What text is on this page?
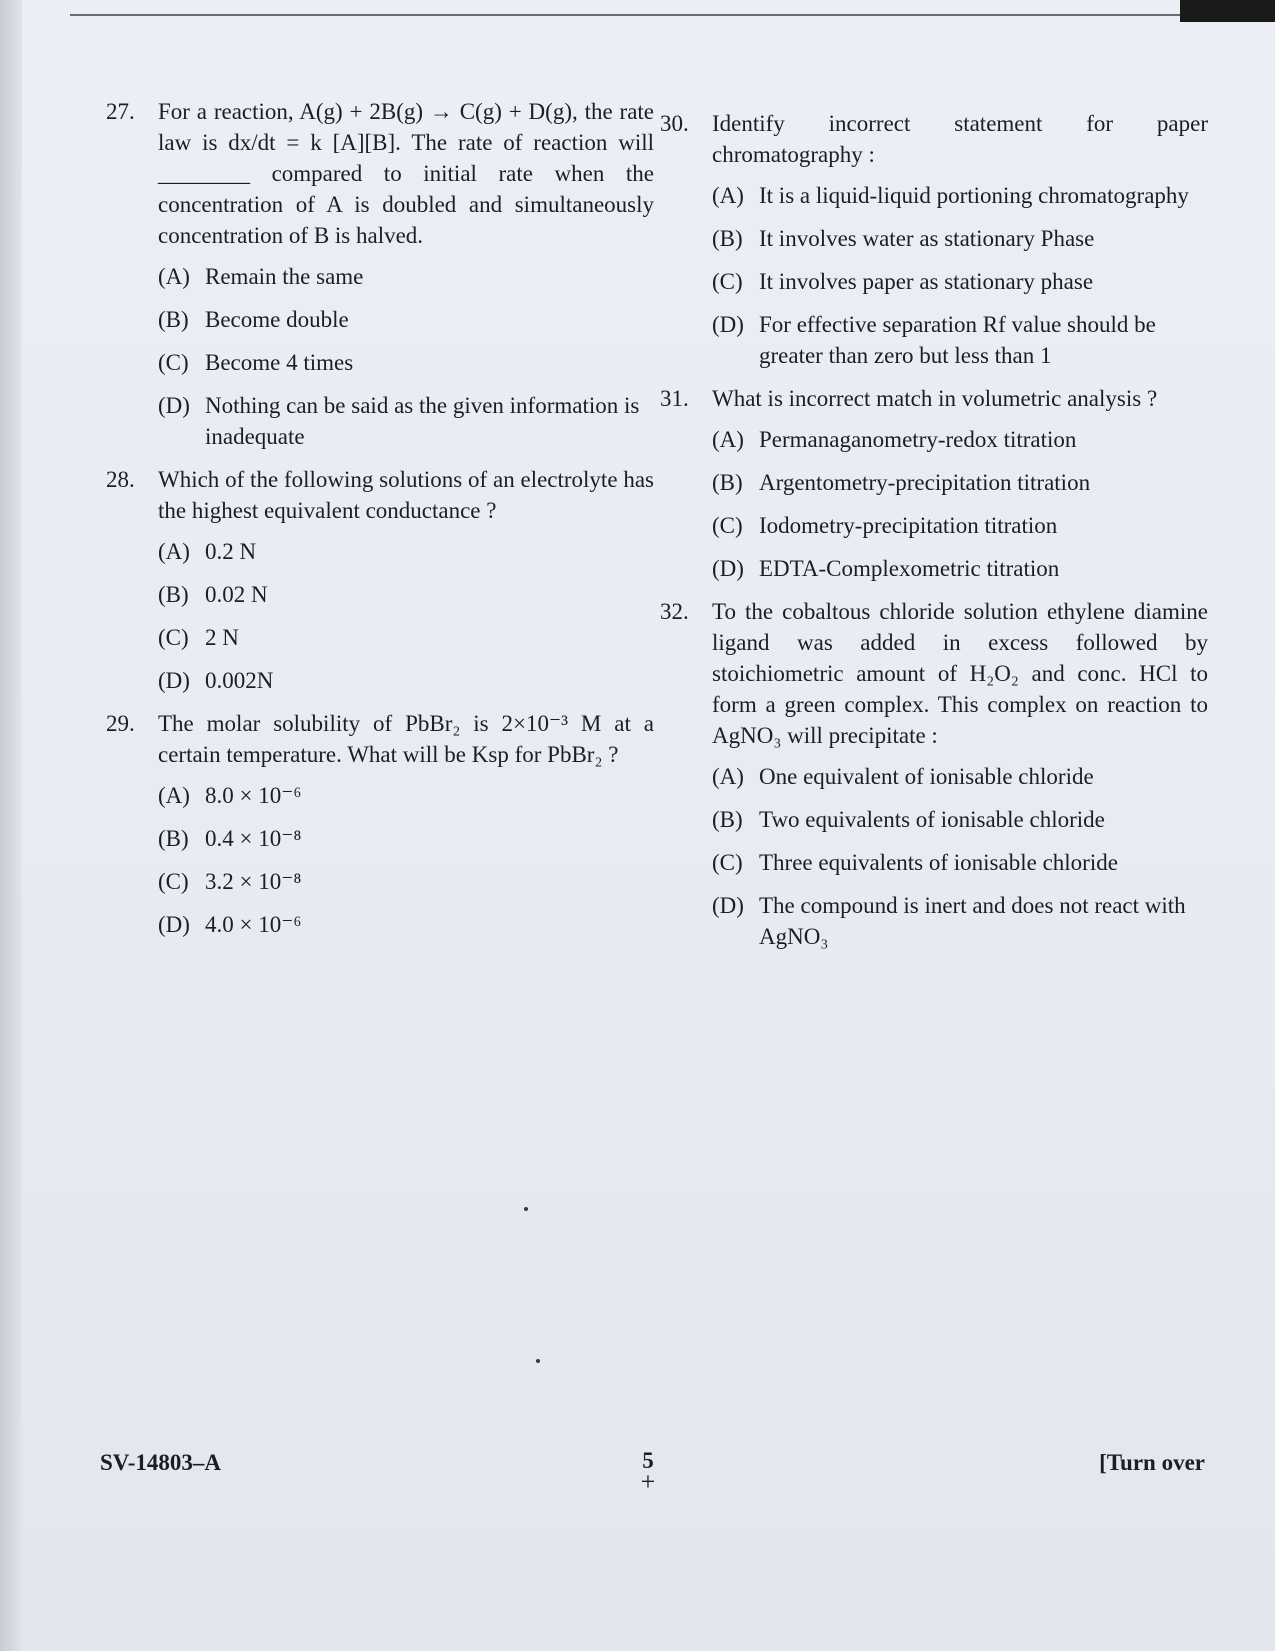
27. For a reaction, A(g) + 2B(g) → C(g) + D(g), the rate law is dx/dt = k [A][B]. The rate of reaction will ________ compared to initial rate when the concentration of A is doubled and simultaneously concentration of B is halved.
(A) Remain the same
(B) Become double
(C) Become 4 times
(D) Nothing can be said as the given information is inadequate
28. Which of the following solutions of an electrolyte has the highest equivalent conductance ?
(A) 0.2 N
(B) 0.02 N
(C) 2 N
(D) 0.002N
29. The molar solubility of PbBr₂ is 2×10⁻³ M at a certain temperature. What will be Ksp for PbBr₂ ?
(A) 8.0 × 10⁻⁶
(B) 0.4 × 10⁻⁸
(C) 3.2 × 10⁻⁸
(D) 4.0 × 10⁻⁶
30. Identify incorrect statement for paper chromatography :
(A) It is a liquid-liquid portioning chromatography
(B) It involves water as stationary Phase
(C) It involves paper as stationary phase
(D) For effective separation Rf value should be greater than zero but less than 1
31. What is incorrect match in volumetric analysis ?
(A) Permanaganometry-redox titration
(B) Argentometry-precipitation titration
(C) Iodometry-precipitation titration
(D) EDTA-Complexometric titration
32. To the cobaltous chloride solution ethylene diamine ligand was added in excess followed by stoichiometric amount of H₂O₂ and conc. HCl to form a green complex. This complex on reaction to AgNO₃ will precipitate :
(A) One equivalent of ionisable chloride
(B) Two equivalents of ionisable chloride
(C) Three equivalents of ionisable chloride
(D) The compound is inert and does not react with AgNO₃
SV-14803–A	5
+
[Turn over
